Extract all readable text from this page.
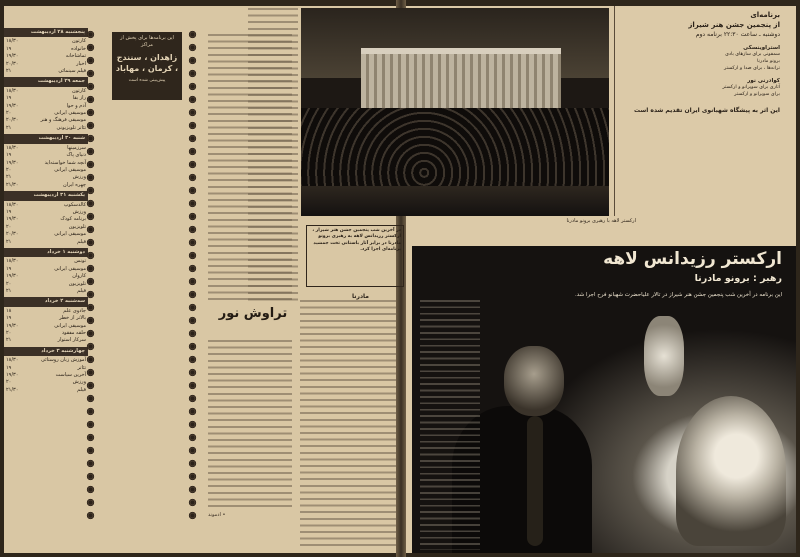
پنجشنبه ۲۸ اردیبهشت
کارتون
۱۸/۳۰
خانواده
۱۹
تماشاخانه
۱۹/۳۰
اخبار
۲۰/۳۰
فیلم سینمائی
۲۱
جمعه ۲۹ اردیبهشت
کارتون
۱۸/۳۰
راز بقا
۱۹
آدم و حوا
۱۹/۳۰
موسیقی ایرانی
۲۰
موسیقی فرهنگ و هنر
۲۰/۳۰
تئاتر تلویزیونی
۲۱
شنبه ۳۰ اردیبهشت
سرزمینها
۱۸/۳۰
دنیای پاک
۱۹
آنچه شما خواسته‌اید
۱۹/۳۰
موسیقی ایرانی
۲۰
ورزش
۲۱
چهره ایران
۲۱/۳۰
یکشنبه ۳۱ اردیبهشت
کالدسکوپ
۱۸/۳۰
ورزش
۱۹
برنامه کودک
۱۹/۳۰
تلویزیون
۲۰
موسیقی ایرانی
۲۰/۳۰
فیلم
۲۱
دوشنبه ۱ خرداد
تونس
۱۸/۳۰
موسیقی ایرانی
۱۹
کاروان
۱۹/۳۰
تلویزیون
۲۰
فیلم
۲۱
سه‌شنبه ۲ خرداد
جادوی علم
۱۸
بالاتر از خطر
۱۹
موسیقی ایرانی
۱۹/۳۰
حلقه مفقود
۲۰
سرکار استوار
۲۱
چهارشنبه ۳ خرداد
آموزش زبان روستائی
۱۸/۳۰
تئاتر
۱۹
آخرین سیاست
۱۹/۳۰
ورزش
۲۰
فیلم
۲۱/۳۰
این برنامه‌ها برای پخش از مراکز
زاهدان ، سنندج ، کرمان ، مهاباد
پیش‌بینی شده است
تراوش نور
• ادموند
ارکستر لاهه با رهبری برونو مادرنا
در آخرین شب پنجمین جشن هنر شیراز ، ارکستر رزیدانس لاهه به رهبری برونو مادرنا در برابر آثار باستانی تخت جمشید برنامه‌ای اجرا کرد.
مادرنا
برنامه‌ای
از پنجمین جشن هنر شیراز
دوشنبه ـ ساعت ۲۲:۳۰ برنامه دوم
استراوینسکی
سمفونی برای سازهای بادی
برونو مادرنا
ترانه‌ها ، برای صدا و ارکستر
کوادرنی نور
آثاری برای سوپرانو و ارکستر
برای سوپرانو و ارکستر
این اثر به پیشگاه شهبانوی ایران تقدیم شده است
ارکستر رزیدانس لاهه
رهبر : برونو مادرنا
این برنامه در آخرین شب پنجمین جشن هنر شیراز در تالار علیاحضرت شهبانو فرح اجرا شد.
